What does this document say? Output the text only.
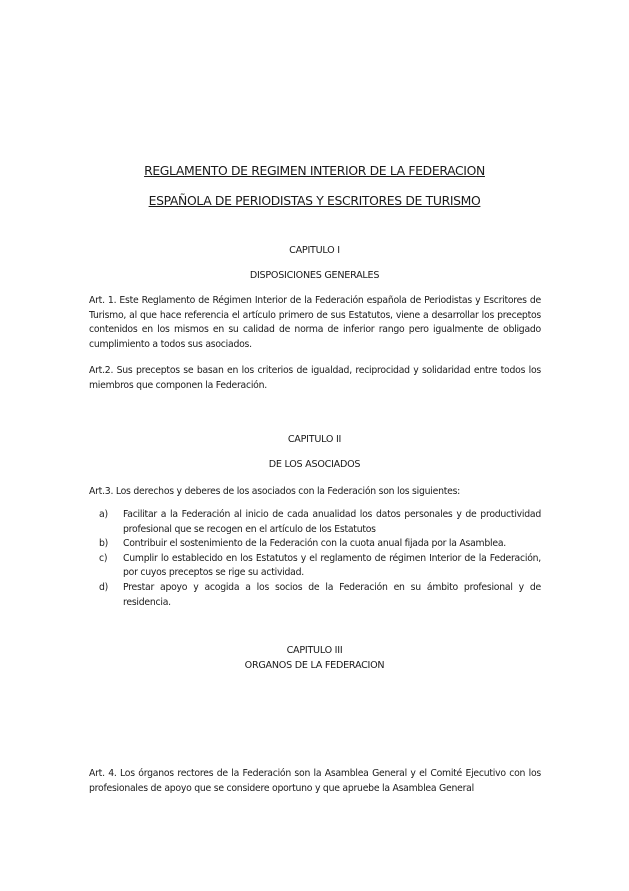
REGLAMENTO DE REGIMEN INTERIOR DE LA FEDERACION
ESPAÑOLA DE PERIODISTAS Y ESCRITORES DE TURISMO
CAPITULO I
DISPOSICIONES GENERALES

Art. 1. Este Reglamento de Régimen Interior de la Federación española de Periodistas y Escritores de Turismo, al que hace referencia el artículo primero de sus Estatutos, viene a desarrollar los preceptos contenidos en los mismos en su calidad de norma de inferior rango pero igualmente de obligado cumplimiento a todos sus asociados.

Art.2. Sus preceptos se basan en los criterios de igualdad, reciprocidad y solidaridad entre todos los miembros que componen la Federación.

CAPITULO II
DE LOS ASOCIADOS

Art.3. Los derechos y deberes de los asociados con la Federación son los siguientes:

a) Facilitar a la Federación al inicio de cada anualidad los datos personales y de productividad profesional que se recogen en el artículo de los Estatutos
b) Contribuir el sostenimiento de la Federación con la cuota anual fijada por la Asamblea.
c) Cumplir lo establecido en los Estatutos y el reglamento de régimen Interior de la Federación, por cuyos preceptos se rige su actividad.
d) Prestar apoyo y acogida a los socios de la Federación en su ámbito profesional y de residencia.
CAPITULO III
ORGANOS DE LA FEDERACION

Art. 4. Los órganos rectores de la Federación son la Asamblea General y el Comité Ejecutivo con los profesionales de apoyo que se considere oportuno y que apruebe la Asamblea General
